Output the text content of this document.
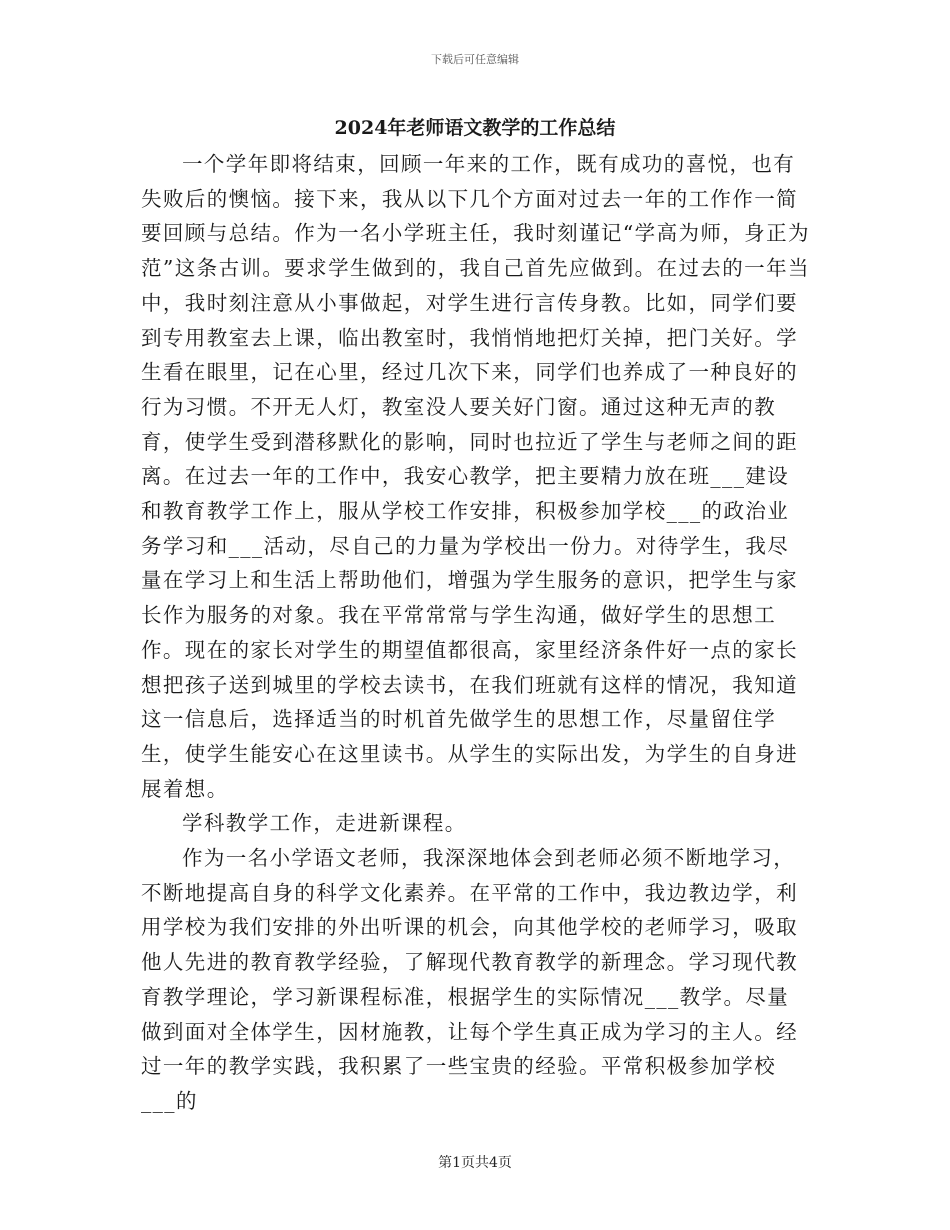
下载后可任意编辑
2024年老师语文教学的工作总结

一个学年即将结束，回顾一年来的工作，既有成功的喜悦，也有失败后的懊恼。接下来，我从以下几个方面对过去一年的工作作一简要回顾与总结。作为一名小学班主任，我时刻谨记“学高为师，身正为范”这条古训。要求学生做到的，我自己首先应做到。在过去的一年当中，我时刻注意从小事做起，对学生进行言传身教。比如，同学们要到专用教室去上课，临出教室时，我悄悄地把灯关掉，把门关好。学生看在眼里，记在心里，经过几次下来，同学们也养成了一种良好的行为习惯。不开无人灯，教室没人要关好门窗。通过这种无声的教育，使学生受到潜移默化的影响，同时也拉近了学生与老师之间的距离。在过去一年的工作中，我安心教学，把主要精力放在班___建设和教育教学工作上，服从学校工作安排，积极参加学校___的政治业务学习和___活动，尽自己的力量为学校出一份力。对待学生，我尽量在学习上和生活上帮助他们，增强为学生服务的意识，把学生与家长作为服务的对象。我在平常常常与学生沟通，做好学生的思想工作。现在的家长对学生的期望值都很高，家里经济条件好一点的家长想把孩子送到城里的学校去读书，在我们班就有这样的情况，我知道这一信息后，选择适当的时机首先做学生的思想工作，尽量留住学生，使学生能安心在这里读书。从学生的实际出发，为学生的自身进展着想。

学科教学工作，走进新课程。

作为一名小学语文老师，我深深地体会到老师必须不断地学习，不断地提高自身的科学文化素养。在平常的工作中，我边教边学，利用学校为我们安排的外出听课的机会，向其他学校的老师学习，吸取他人先进的教育教学经验，了解现代教育教学的新理念。学习现代教育教学理论，学习新课程标准，根据学生的实际情况___教学。尽量做到面对全体学生，因材施教，让每个学生真正成为学习的主人。经过一年的教学实践，我积累了一些宝贵的经验。平常积极参加学校___的

第1页共4页
